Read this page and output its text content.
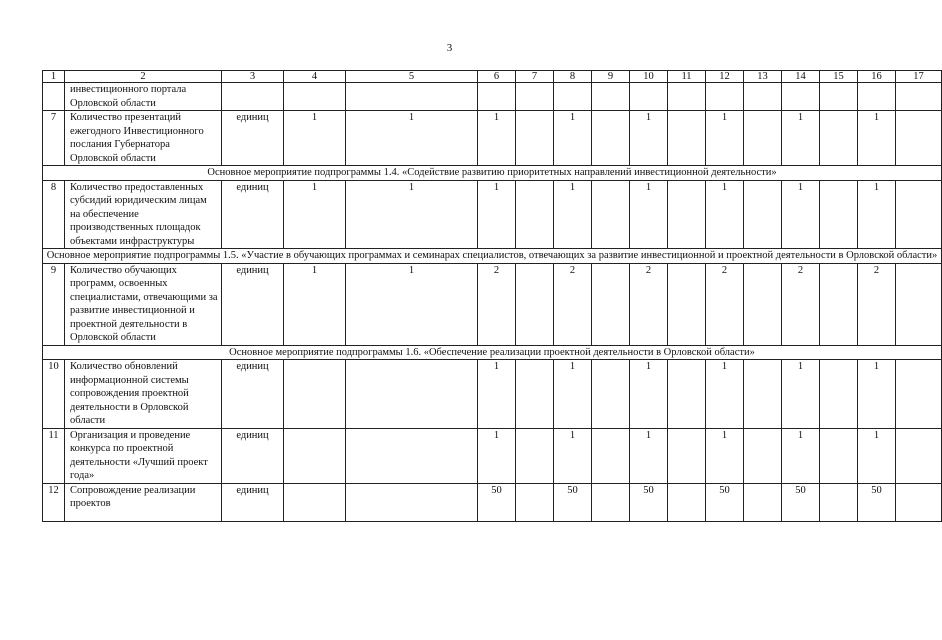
3
1	2	3	4	5	6	7	8	9	10	11	12	13	14	15	16	17
	инвестиционного портала Орловской области															
7	Количество презентаций ежегодного Инвестиционного послания Губернатора Орловской области	единиц	1	1	1		1		1		1		1		1	
Основное мероприятие подпрограммы 1.4. «Содействие развитию приоритетных направлений инвестиционной деятельности»																
8	Количество предоставленных субсидий юридическим лицам на обеспечение производственных площадок объектами инфраструктуры	единиц	1	1	1		1		1		1		1		1	
Основное мероприятие подпрограммы 1.5. «Участие в обучающих программах и семинарах специалистов, отвечающих за развитие инвестиционной и проектной деятельности в Орловской области»																
9	Количество обучающих программ, освоенных специалистами, отвечающими за развитие инвестиционной и проектной деятельности в Орловской области	единиц	1	1	2		2		2		2		2		2	
Основное мероприятие подпрограммы 1.6. «Обеспечение реализации проектной деятельности в Орловской области»																
10	Количество обновлений информационной системы сопровождения проектной деятельности в Орловской области	единиц			1		1		1		1		1		1	
11	Организация и проведение конкурса по проектной деятельности «Лучший проект года»	единиц			1		1		1		1		1		1	
12	Сопровождение реализации проектов	единиц			50		50		50		50		50		50	
